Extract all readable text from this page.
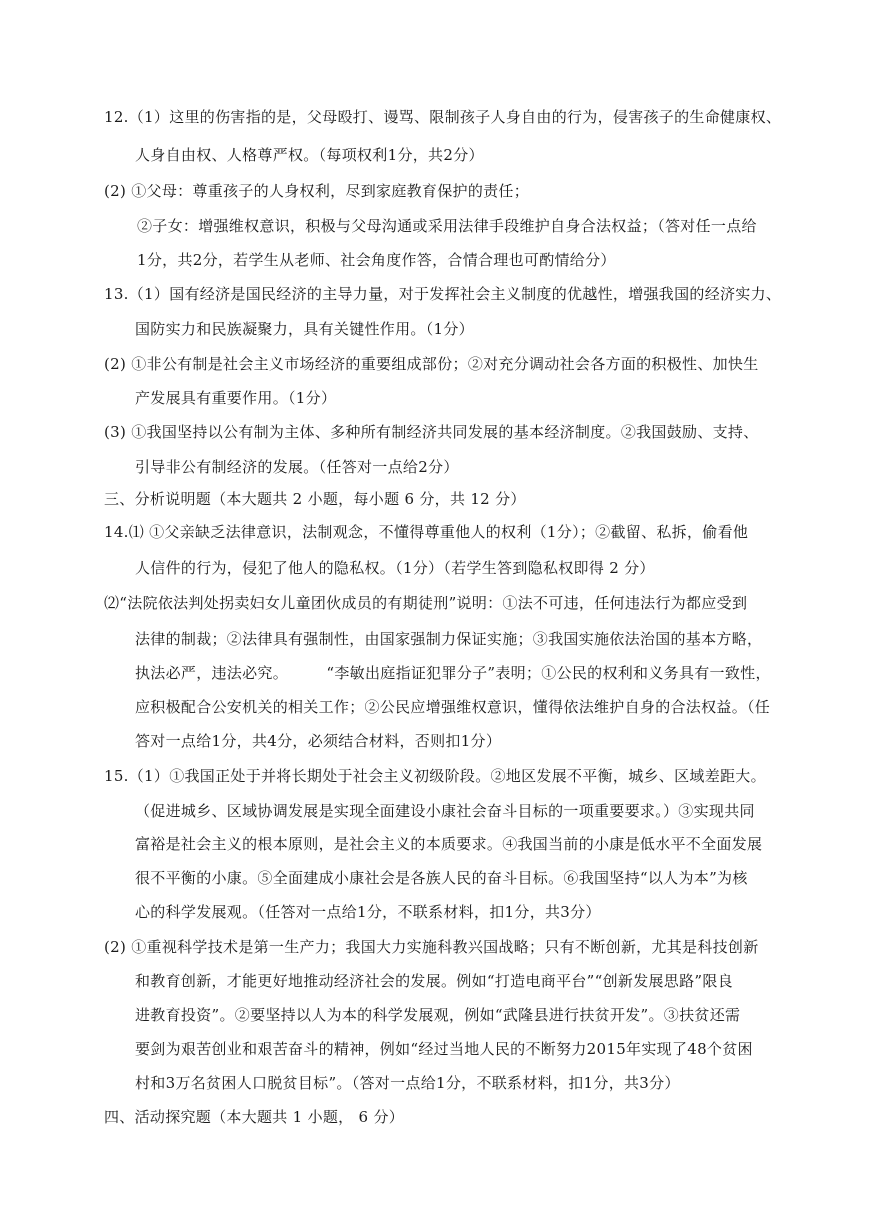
12.（1）这里的伤害指的是，父母殴打、谩骂、限制孩子人身自由的行为，侵害孩子的生命健康权、
人身自由权、人格尊严权。（每项权利1分，共2分）
(2) ①父母：尊重孩子的人身权利，尽到家庭教育保护的责任；
②子女：增强维权意识，积极与父母沟通或采用法律手段维护自身合法权益；（答对任一点给
1分，共2分，若学生从老师、社会角度作答，合情合理也可酌情给分）
13.（1）国有经济是国民经济的主导力量，对于发挥社会主义制度的优越性，增强我国的经济实力、
国防实力和民族凝聚力，具有关键性作用。（1分）
(2) ①非公有制是社会主义市场经济的重要组成部份；②对充分调动社会各方面的积极性、加快生
产发展具有重要作用。（1分）
(3) ①我国坚持以公有制为主体、多种所有制经济共同发展的基本经济制度。②我国鼓励、支持、
引导非公有制经济的发展。（任答对一点给2分）
三、分析说明题（本大题共 2 小题，每小题 6 分，共 12 分）
14.⑴ ①父亲缺乏法律意识，法制观念，不懂得尊重他人的权利（1分）；②截留、私拆，偷看他
人信件的行为，侵犯了他人的隐私权。（1分）（若学生答到隐私权即得 2 分）
⑵“法院依法判处拐卖妇女儿童团伙成员的有期徒刑”说明：①法不可违，任何违法行为都应受到
法律的制裁；②法律具有强制性，由国家强制力保证实施；③我国实施依法治国的基本方略，
执法必严，违法必究。　　　“李敏出庭指证犯罪分子”表明；①公民的权利和义务具有一致性，
应积极配合公安机关的相关工作；②公民应增强维权意识，懂得依法维护自身的合法权益。（任
答对一点给1分，共4分，必须结合材料，否则扣1分）
15.（1）①我国正处于并将长期处于社会主义初级阶段。②地区发展不平衡，城乡、区域差距大。
（促进城乡、区域协调发展是实现全面建设小康社会奋斗目标的一项重要要求。）③实现共同
富裕是社会主义的根本原则，是社会主义的本质要求。④我国当前的小康是低水平不全面发展
很不平衡的小康。⑤全面建成小康社会是各族人民的奋斗目标。⑥我国坚持“以人为本”为核
心的科学发展观。（任答对一点给1分，不联系材料，扣1分，共3分）
(2) ①重视科学技术是第一生产力；我国大力实施科教兴国战略；只有不断创新，尤其是科技创新
和教育创新，才能更好地推动经济社会的发展。例如“打造电商平台”“创新发展思路”限良
进教育投资”。②要坚持以人为本的科学发展观，例如“武隆县进行扶贫开发”。③扶贫还需
要剑为艰苦创业和艰苦奋斗的精神，例如“经过当地人民的不断努力2015年实现了48个贫困
村和3万名贫困人口脱贫目标”。（答对一点给1分，不联系材料，扣1分，共3分）
四、活动探究题（本大题共 1 小题， 6 分）
